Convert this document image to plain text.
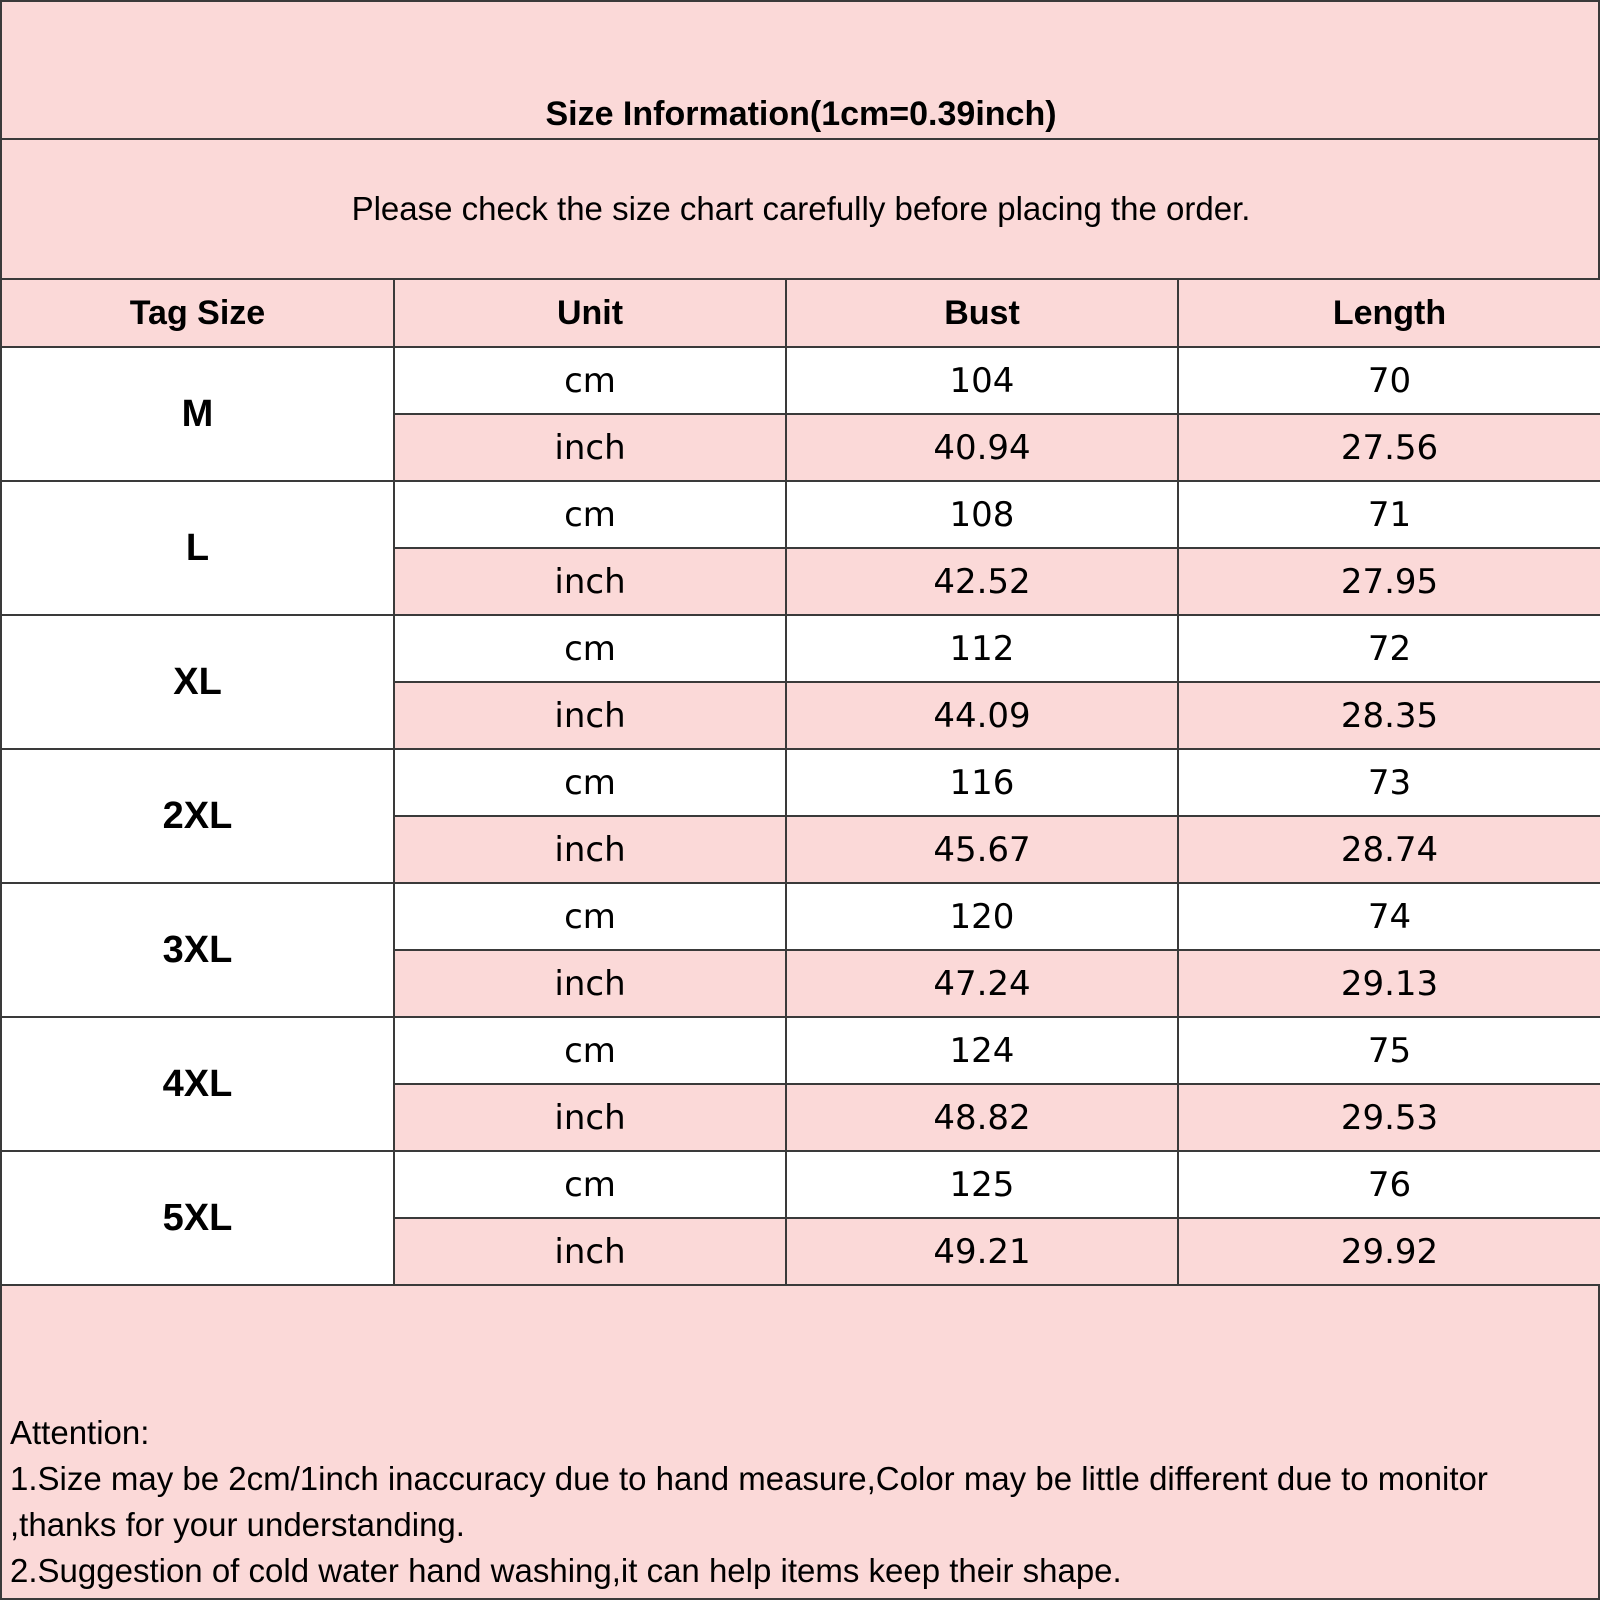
Size Information(1cm=0.39inch)
Please check the size chart carefully before placing the order.
Tag Size	Unit	Bust	Length
M	cm	104	70
	inch	40.94	27.56
L	cm	108	71
	inch	42.52	27.95
XL	cm	112	72
	inch	44.09	28.35
2XL	cm	116	73
	inch	45.67	28.74
3XL	cm	120	74
	inch	47.24	29.13
4XL	cm	124	75
	inch	48.82	29.53
5XL	cm	125	76
	inch	49.21	29.92
Attention:
1.Size may be 2cm/1inch inaccuracy due to hand measure,Color may be little different due to monitor
,thanks for your understanding.
2.Suggestion of cold water hand washing,it can help items keep their shape.
